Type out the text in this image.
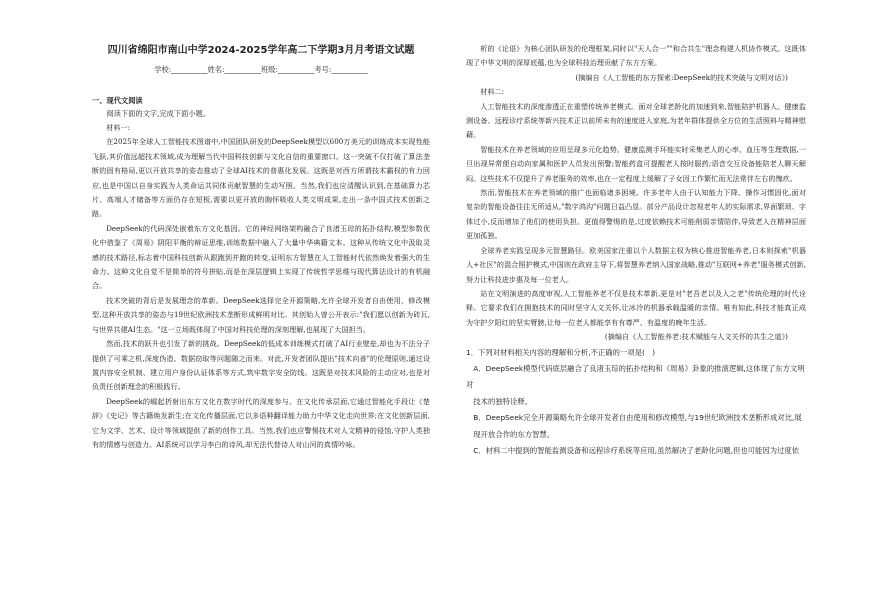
四川省绵阳市南山中学2024-2025学年高二下学期3月月考语文试题
学校:__________姓名:__________班级:__________考号:__________
一、现代文阅读

阅读下面的文字,完成下面小题。

材料一:

在2025年全球人工智能技术图谱中,中国团队研发的DeepSeek模型以600万美元的训练成本实现性能飞跃,其价值远超技术领域,成为理解当代中国科技创新与文化自信的重要窗口。这一突破不仅打破了算法垄断的固有格局,更以开放共享的姿态推动了全球AI技术的普惠化发展。这既是对西方所谓技术霸权的有力回应,也是中国以自身实践为人类命运共同体贡献智慧的生动写照。当然,我们也应清醒认识到,在基础算力芯片、高端人才储备等方面仍存在短板,需要以更开放的胸怀吸收人类文明成果,走出一条中国式技术创新之路。

DeepSeek的代码深处嵌着东方文化基因。它的神经网络架构融合了良渚玉琮的拓扑结构,模型参数优化中借鉴了《周易》阴阳平衡的辩证思维,训练数据中融入了大量中华典籍文本。这种从传统文化中汲取灵感的技术路径,标志着中国科技创新从跟跑到并跑的转变,证明东方智慧在人工智能时代依然焕发着强大的生命力。这种文化自觉不是简单的符号拼贴,而是在深层逻辑上实现了传统哲学思维与现代算法设计的有机融合。

技术突破的背后是发展理念的革新。DeepSeek选择完全开源策略,允许全球开发者自由使用、修改模型,这种开放共享的姿态与19世纪欧洲技术垄断形成鲜明对比。其创始人曾公开表示:"我们愿以创新为砖瓦,与世界共建AI生态。"这一立场既体现了中国对科技伦理的深刻理解,也展现了大国担当。

然而,技术的跃升也引发了新的挑战。DeepSeek的低成本训练模式打破了AI行业壁垒,却也为不法分子提供了可乘之机,深度伪造、数据窃取等问题随之而来。对此,开发者团队提出"技术向善"的伦理原则,通过设置内容安全机制、建立用户身份认证体系等方式,筑牢数字安全防线。这既是对技术风险的主动应对,也是对负责任创新理念的积极践行。

DeepSeek的崛起折射出东方文化在数字时代的深度参与。在文化传承层面,它通过智能化手段让《楚辞》《史记》等古籍焕发新生;在文化传播层面,它以多语种翻译能力助力中华文化走向世界;在文化创新层面,它为文学、艺术、设计等领域提供了新的创作工具。当然,我们也应警惕技术对人文精神的侵蚀,守护人类独有的情感与创造力。AI系统可以学习李白的诗风,却无法代替诗人对山河的真情吟咏。

析的《论语》为核心团队研发的伦理框架,同时以"天人合一""和合共生"理念构建人机协作模式。这既体现了中华文明的深厚底蕴,也为全球科技治理贡献了东方方案。

(摘编自《人工智能的东方探索:DeepSeek的技术突破与文明对话》)

材料二:

人工智能技术的深度渗透正在重塑传统养老模式。面对全球老龄化的加速到来,智能陪护机器人、健康监测设备、远程诊疗系统等新兴技术正以前所未有的速度进入家庭,为老年群体提供全方位的生活照料与精神慰藉。

智能技术在养老领域的应用呈现多元化趋势。健康监测手环能实时采集老人的心率、血压等生理数据,一旦出现异常便自动向家属和医护人员发出预警;智能药盒可提醒老人按时服药;语音交互设备能陪老人聊天解闷。这些技术不仅提升了养老服务的效率,也在一定程度上缓解了子女因工作繁忙而无法常伴左右的愧疚。

然而,智能技术在养老领域的推广也面临诸多困境。许多老年人由于认知能力下降、操作习惯固化,面对复杂的智能设备往往无所适从,"数字鸿沟"问题日益凸显。部分产品设计忽视老年人的实际需求,界面繁琐、字体过小,反而增加了他们的使用负担。更值得警惕的是,过度依赖技术可能削弱亲情陪伴,导致老人在精神层面更加孤独。

全球养老实践呈现多元智慧路径。欧美国家注重以个人数据主权为核心推进智能养老,日本则探索"机器人+社区"的混合照护模式,中国则在政府主导下,将智慧养老纳入国家战略,推动"互联网+养老"服务模式创新,努力让科技进步惠及每一位老人。

站在文明演进的高度审视,人工智能养老不仅是技术革新,更是对"老吾老以及人之老"传统伦理的时代诠释。它要求我们在拥抱技术的同时坚守人文关怀,让冰冷的机器承载温暖的亲情。唯有如此,科技才能真正成为守护夕阳红的坚实臂膀,让每一位老人都能享有有尊严、有温度的晚年生活。

(摘编自《人工智能养老:技术赋能与人文关怀的共生之道》)

1．下列对材料相关内容的理解和分析,不正确的一项是(　)

A．DeepSeek模型代码底层融合了良渚玉琮的拓扑结构和《周易》卦象的推演逻辑,这体现了东方文明对

技术的独特诠释。

B．DeepSeek完全开源策略允许全球开发者自由使用和修改模型,与19世纪欧洲技术垄断形成对比,展

现开放合作的东方智慧。

C．材料二中提到的智能监测设备和远程诊疗系统等应用,虽然解决了老龄化问题,但也可能因为过度依
